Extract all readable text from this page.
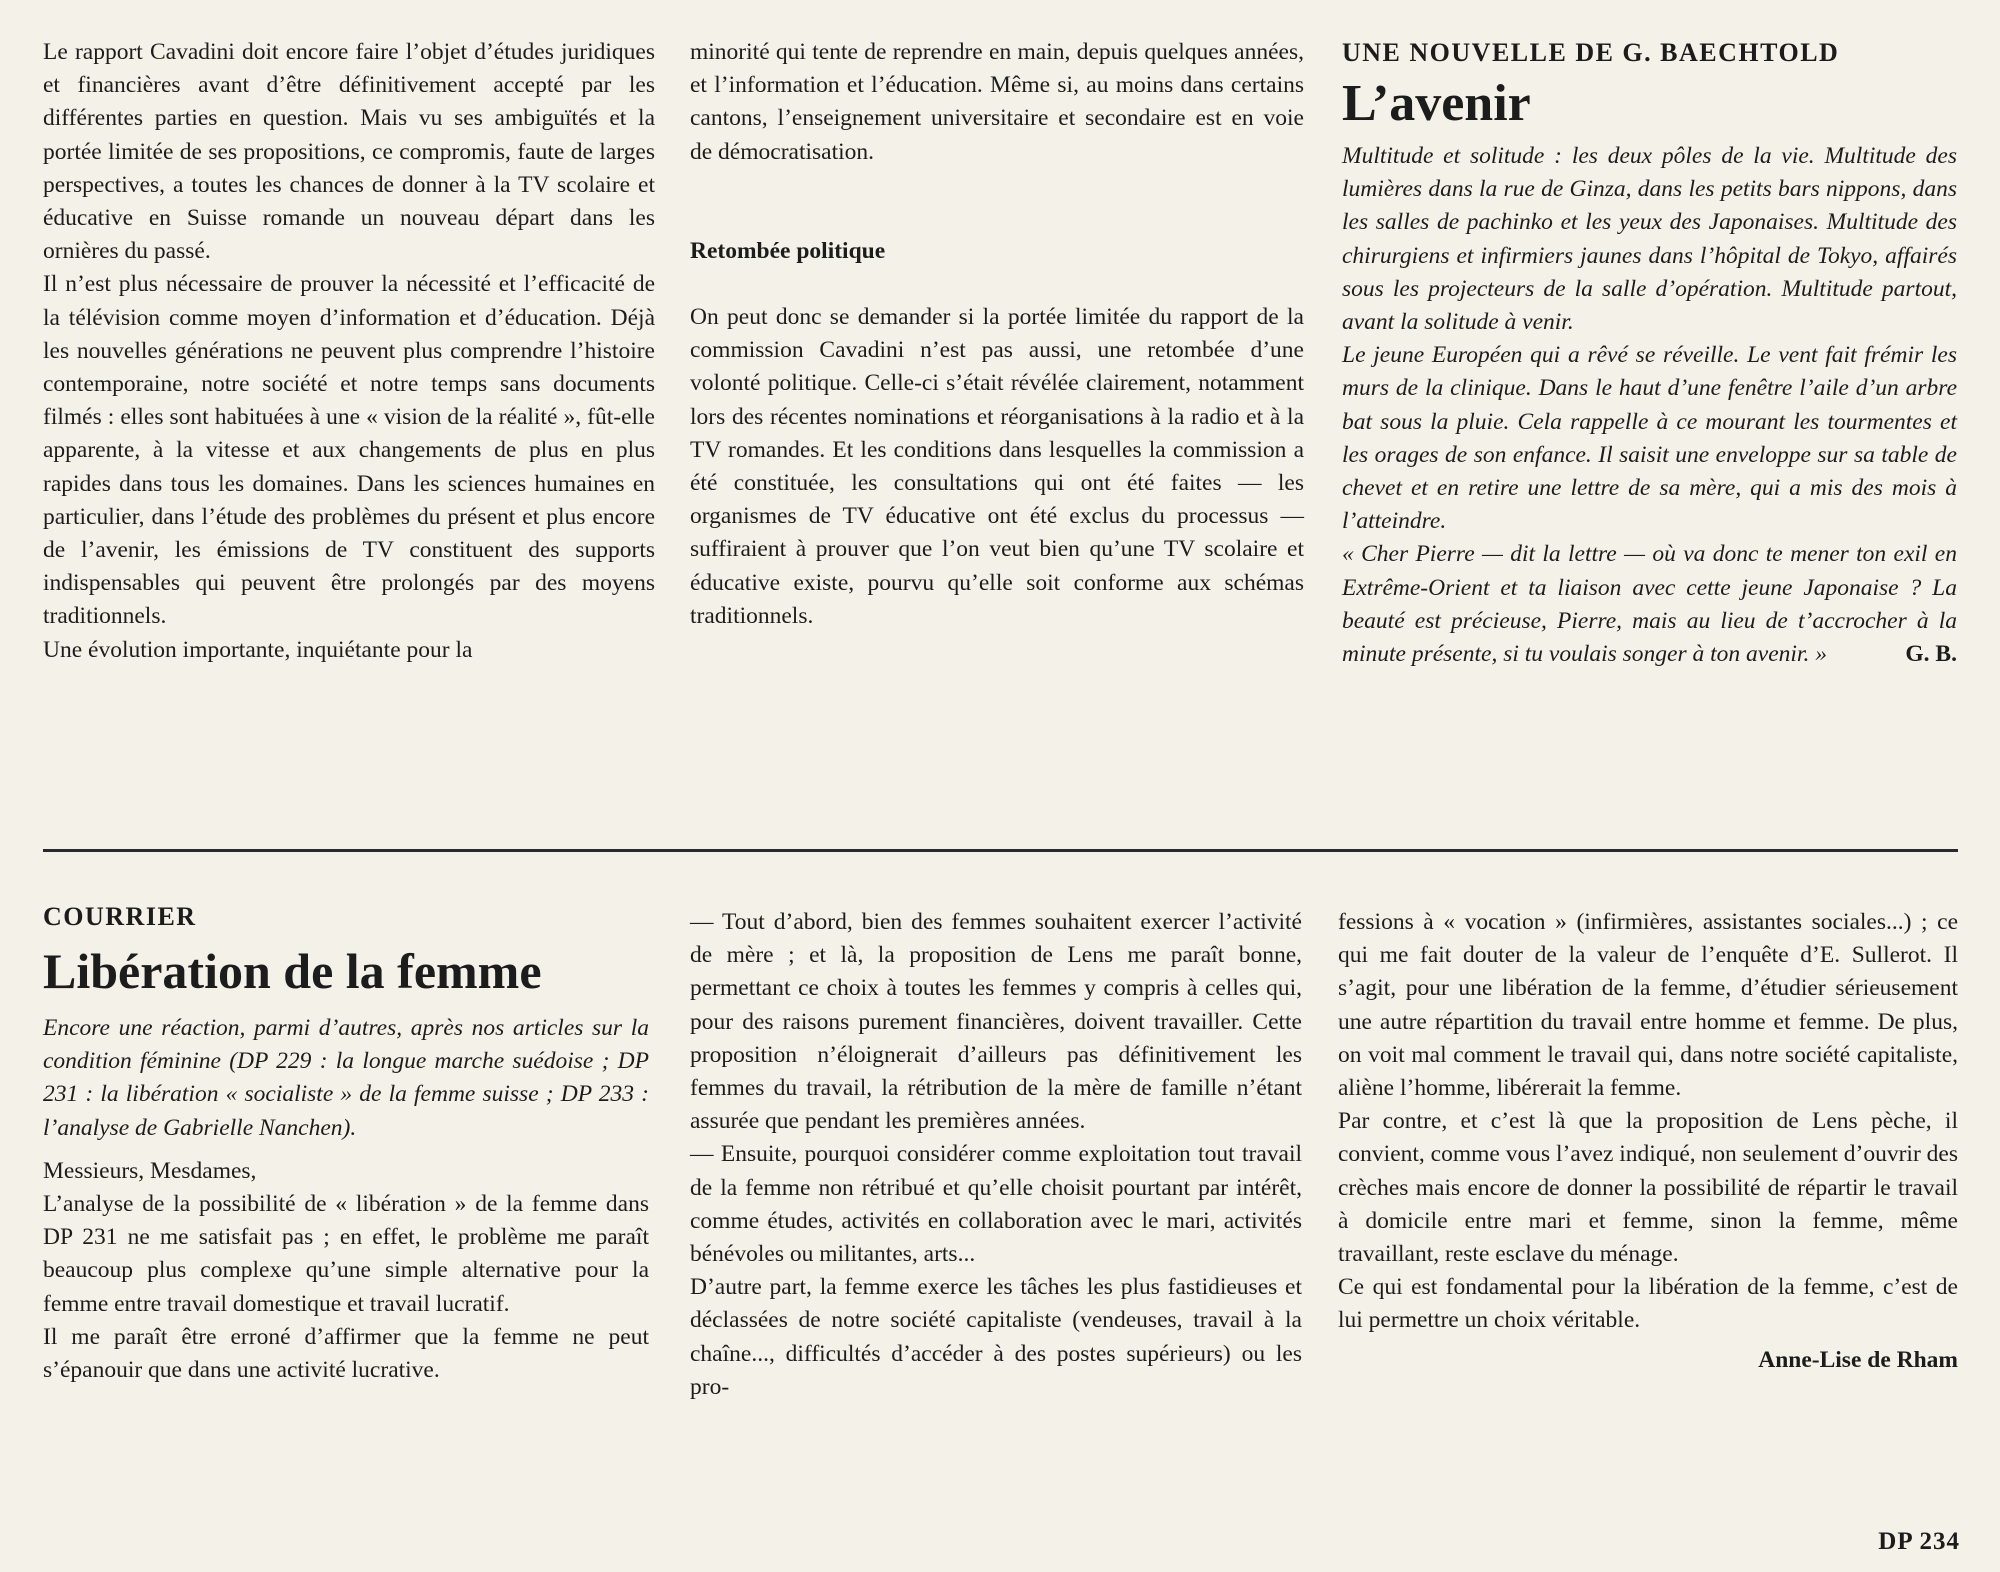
Le rapport Cavadini doit encore faire l’objet d’études juridiques et financières avant d’être définitivement accepté par les différentes parties en question. Mais vu ses ambiguïtés et la portée limitée de ses propositions, ce compromis, faute de larges perspectives, a toutes les chances de donner à la TV scolaire et éducative en Suisse romande un nouveau départ dans les ornières du passé.

Il n’est plus nécessaire de prouver la nécessité et l’efficacité de la télévision comme moyen d’information et d’éducation. Déjà les nouvelles générations ne peuvent plus comprendre l’histoire contemporaine, notre société et notre temps sans documents filmés : elles sont habituées à une « vision de la réalité », fût-elle apparente, à la vitesse et aux changements de plus en plus rapides dans tous les domaines. Dans les sciences humaines en particulier, dans l’étude des problèmes du présent et plus encore de l’avenir, les émissions de TV constituent des supports indispensables qui peuvent être prolongés par des moyens traditionnels.

Une évolution importante, inquiétante pour la

minorité qui tente de reprendre en main, depuis quelques années, et l’information et l’éducation. Même si, au moins dans certains cantons, l’enseignement universitaire et secondaire est en voie de démocratisation.

Retombée politique

On peut donc se demander si la portée limitée du rapport de la commission Cavadini n’est pas aussi, une retombée d’une volonté politique. Celle-ci s’était révélée clairement, notamment lors des récentes nominations et réorganisations à la radio et à la TV romandes. Et les conditions dans lesquelles la commission a été constituée, les consultations qui ont été faites — les organismes de TV éducative ont été exclus du processus — suffiraient à prouver que l’on veut bien qu’une TV scolaire et éducative existe, pourvu qu’elle soit conforme aux schémas traditionnels.

UNE NOUVELLE DE G. BAECHTOLD

L’avenir

Multitude et solitude : les deux pôles de la vie. Multitude des lumières dans la rue de Ginza, dans les petits bars nippons, dans les salles de pachinko et les yeux des Japonaises. Multitude des chirurgiens et infirmiers jaunes dans l’hôpital de Tokyo, affairés sous les projecteurs de la salle d’opération. Multitude partout, avant la solitude à venir.

Le jeune Européen qui a rêvé se réveille. Le vent fait frémir les murs de la clinique. Dans le haut d’une fenêtre l’aile d’un arbre bat sous la pluie. Cela rappelle à ce mourant les tourmentes et les orages de son enfance. Il saisit une enveloppe sur sa table de chevet et en retire une lettre de sa mère, qui a mis des mois à l’atteindre.

« Cher Pierre — dit la lettre — où va donc te mener ton exil en Extrême-Orient et ta liaison avec cette jeune Japonaise ? La beauté est précieuse, Pierre, mais au lieu de t’accrocher à la minute présente, si tu voulais songer à ton avenir. »	G. B.

COURRIER

Libération de la femme

Encore une réaction, parmi d’autres, après nos articles sur la condition féminine (DP 229 : la longue marche suédoise ; DP 231 : la libération « socialiste » de la femme suisse ; DP 233 : l’analyse de Gabrielle Nanchen).

Messieurs, Mesdames,

L’analyse de la possibilité de « libération » de la femme dans DP 231 ne me satisfait pas ; en effet, le problème me paraît beaucoup plus complexe qu’une simple alternative pour la femme entre travail domestique et travail lucratif.

Il me paraît être erroné d’affirmer que la femme ne peut s’épanouir que dans une activité lucrative.

— Tout d’abord, bien des femmes souhaitent exercer l’activité de mère ; et là, la proposition de Lens me paraît bonne, permettant ce choix à toutes les femmes y compris à celles qui, pour des raisons purement financières, doivent travailler. Cette proposition n’éloignerait d’ailleurs pas définitivement les femmes du travail, la rétribution de la mère de famille n’étant assurée que pendant les premières années.

— Ensuite, pourquoi considérer comme exploitation tout travail de la femme non rétribué et qu’elle choisit pourtant par intérêt, comme études, activités en collaboration avec le mari, activités bénévoles ou militantes, arts...

D’autre part, la femme exerce les tâches les plus fastidieuses et déclassées de notre société capitaliste (vendeuses, travail à la chaîne..., difficultés d’accéder à des postes supérieurs) ou les pro-

fessions à « vocation » (infirmières, assistantes sociales...) ; ce qui me fait douter de la valeur de l’enquête d’E. Sullerot. Il s’agit, pour une libération de la femme, d’étudier sérieusement une autre répartition du travail entre homme et femme. De plus, on voit mal comment le travail qui, dans notre société capitaliste, aliène l’homme, libérerait la femme.

Par contre, et c’est là que la proposition de Lens pèche, il convient, comme vous l’avez indiqué, non seulement d’ouvrir des crèches mais encore de donner la possibilité de répartir le travail à domicile entre mari et femme, sinon la femme, même travaillant, reste esclave du ménage.

Ce qui est fondamental pour la libération de la femme, c’est de lui permettre un choix véritable.

Anne-Lise de Rham

DP 234
